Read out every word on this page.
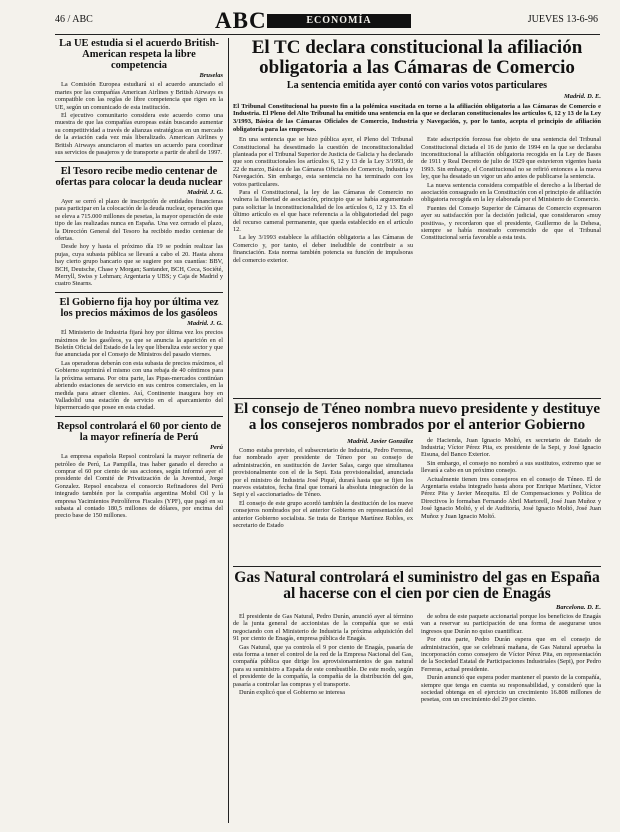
46 / ABC	ABC	ECONOMÍA	JUEVES 13-6-96
La UE estudia si el acuerdo British-American respeta la libre competencia
Bruselas

La Comisión Europea estudiará si el acuerdo anunciado el martes por las compañías American Airlines y British Airways es compatible con las reglas de libre competencia que rigen en la UE, según un comunicado de esta institución.

El ejecutivo comunitario considera este acuerdo como una muestra de que las compañías europeas están buscando aumentar su competitividad a través de alianzas estratégicas en un mercado de la aviación cada vez más liberalizado. American Airlines y British Airways anunciaron el martes un acuerdo para coordinar sus servicios de pasajeros y de transporte a partir de abril de 1997.

El Tesoro recibe medio centenar de ofertas para colocar la deuda nuclear
Madrid. J. G.

Ayer se cerró el plazo de inscripción de entidades financieras para participar en la colocación de la deuda nuclear, operación que se eleva a 715.000 millones de pesetas, la mayor operación de este tipo de las realizadas nunca en España. Una vez cerrado el plazo, la Dirección General del Tesoro ha recibido medio centenar de ofertas.

Desde hoy y hasta el próximo día 19 se podrán realizar las pujas, cuya subasta pública se llevará a cabo el 20. Hasta ahora hay cierto grupo bancario que se sugiere por sus cuantías: BBV, BCH, Deutsche, Chase y Morgan; Santander, BCH, Ceca, Société, Merryll, Swiss y Lehman; Argentaria y UBS; y Caja de Madrid y cuatro Stearns.

El Gobierno fija hoy por última vez los precios máximos de los gasóleos
Madrid. J. G.

El Ministerio de Industria fijará hoy por última vez los precios máximos de los gasóleos, ya que se anuncia la aparición en el Boletín Oficial del Estado de la ley que liberaliza este sector y que fue anunciada por el Consejo de Ministros del pasado viernes.

Las operadoras deberán con esta subasta de precios máximos, el Gobierno suprimirá el mismo con una rebaja de 40 céntimos para la próxima semana. Por otra parte, las Pipas-mercados continúan abriendo estaciones de servicio en sus centros comerciales, en la medida para atraer clientes. Así, Continente inaugura hoy en Valladolid una estación de servicio en el aparcamiento del hipermercado que posee en esta ciudad.

Repsol controlará el 60 por ciento de la mayor refinería de Perú
Perú

La empresa española Repsol controlará la mayor refinería de petróleo de Perú, La Pampilla, tras haber ganado el derecho a comprar el 60 por ciento de sus acciones, según informó ayer el presidente del Comité de Privatización de la Juventud, Jorge Gonzalez. Repsol encabeza el consorcio Refinadores del Perú integrado también por la compañía argentina Mobil Oil y la empresa Yacimientos Petrolíferos Fiscales (YPF), que pagó en su subasta al contado 180,5 millones de dólares, por encima del precio base de 150 millones.

El TC declara constitucional la afiliación obligatoria a las Cámaras de Comercio
La sentencia emitida ayer contó con varios votos particulares
Madrid. D. E.
El Tribunal Constitucional ha puesto fin a la polémica suscitada en torno a la afiliación obligatoria a las Cámaras de Comercio e Industria. El Pleno del Alto Tribunal ha emitido una sentencia en la que se declaran constitucionales los artículos 6, 12 y 13 de la Ley 3/1993, Básica de las Cámaras Oficiales de Comercio, Industria y Navegación, y, por lo tanto, acepta el principio de afiliación obligatoria para las empresas.

En una sentencia que se hizo pública ayer, el Pleno del Tribunal Constitucional ha desestimado la cuestión de inconstitucionalidad planteada por el Tribunal Superior de Justicia de Galicia y ha declarado que son constitucionales los artículos 6, 12 y 13 de la Ley 3/1993, de 22 de marzo, Básica de las Cámaras Oficiales de Comercio, Industria y Navegación. Sin embargo, esta sentencia no ha terminado con los votos particulares.

Para el Constitucional, la ley de las Cámaras de Comercio no vulnera la libertad de asociación, principio que se había argumentado para solicitar la inconstitucionalidad de los artículos 6, 12 y 13. En el último artículo es el que hace referencia a la obligatoriedad del pago del recurso cameral permanente, que queda establecido en el artículo 12.

La ley 3/1993 establece la afiliación obligatoria a las Cámaras de Comercio y, por tanto, el deber ineludible de contribuir a su financiación. Esta norma también potencia su función de impulsoras del comercio exterior.

Este adscripción forzosa fue objeto de una sentencia del Tribunal Constitucional dictada el 16 de junio de 1994 en la que se declaraba inconstitucional la afiliación obligatoria recogida en la Ley de Bases de 1911 y Real Decreto de julio de 1929 que estuvieron vigentes hasta 1993. Sin embargo, el Constitucional no se refirió entonces a la nueva ley, que ha desatado un vigor un año antes de publicarse la sentencia.

La nueva sentencia considera compatible el derecho a la libertad de asociación consagrado en la Constitución con el principio de afiliación obligatoria recogida en la ley elaborada por el Ministerio de Comercio.

Fuentes del Consejo Superior de Cámaras de Comercio expresaron ayer su satisfacción por la decisión judicial, que consideraron «muy positiva», y recordaron que el presidente, Guillermo de la Dehesa, siempre se había mostrado convencido de que el Tribunal Constitucional sería favorable a esta tesis.

El consejo de Téneo nombra nuevo presidente y destituye a los consejeros nombrados por el anterior Gobierno
Madrid. Javier González

Como estaba previsto, el subsecretario de Industria, Pedro Ferreras, fue nombrado ayer presidente de Téneo por su consejo de administración, en sustitución de Javier Salas, cargo que simultanea provisionalmente con el de la Sepi. Esta provisionalidad, anunciada por el ministro de Industria José Piqué, durará hasta que se fijen los nuevos estatutos, fecha final que tomará la absoluta integración de la Sepi y el «accionariado» de Téneo.

El consejo de este grupo acordó también la destitución de los nueve consejeros nombrados por el anterior Gobierno en representación del anterior Gobierno socialista. Se trata de Enrique Martínez Robles, ex secretario de Estado

de Hacienda, Juan Ignacio Moltó, ex secretario de Estado de Industria; Víctor Pérez Pita, ex presidente de la Sepi, y José Ignacio Eisuna, del Banco Exterior.

Sin embargo, el consejo no nombró a sus sustitutos, extremo que se llevará a cabo en un próximo consejo.

Actualmente tienen tres consejeros en el consejo de Téneo. El de Argentaria estaba integrado hasta ahora por Enrique Martínez, Víctor Pérez Pita y Javier Mezquita. El de Compensaciones y Política de Directivos lo formaban Fernando Abril Martorell, José Juan Muñoz y José Ignacio Moltó, y el de Auditoría, José Ignacio Moltó, José Juan Muñoz y Juan Ignacio Moltó.

Gas Natural controlará el suministro del gas en España al hacerse con el cien por cien de Enagás
Barcelona. D. E.

El presidente de Gas Natural, Pedro Durán, anunció ayer al término de la junta general de accionistas de la compañía que se está negociando con el Ministerio de Industria la próxima adquisición del 91 por ciento de Enagás, empresa pública de Enagás.

Gas Natural, que ya controla el 9 por ciento de Enagás, pasaría de esta forma a tener el control de la red de la Empresa Nacional del Gas, compañía pública que dirige los aprovisionamientos de gas natural para su suministro a España de este combustible. De este modo, según el presidente de la compañía, la compañía de la distribución del gas, pasaría a controlar las compras y el transporte.

Durán explicó que el Gobierno se interesa

de sobra de este paquete accionarial porque los beneficios de Enagás van a reservar su participación de una forma de asegurarse unos ingresos que Durán no quiso cuantificar.

Por otra parte, Pedro Durán espera que en el consejo de administración, que se celebrará mañana, de Gas Natural aprueba la incorporación como consejero de Víctor Pérez Pita, en representación de la Sociedad Estatal de Participaciones Industriales (Sepi), por Pedro Ferreras, actual presidente.

Durán anunció que espera poder mantener el puesto de la compañía, siempre que tenga en cuenta su responsabilidad, y consideró que la sociedad obtenga en el ejercicio un crecimiento 16.808 millones de pesetas, con un crecimiento del 29 por ciento.
